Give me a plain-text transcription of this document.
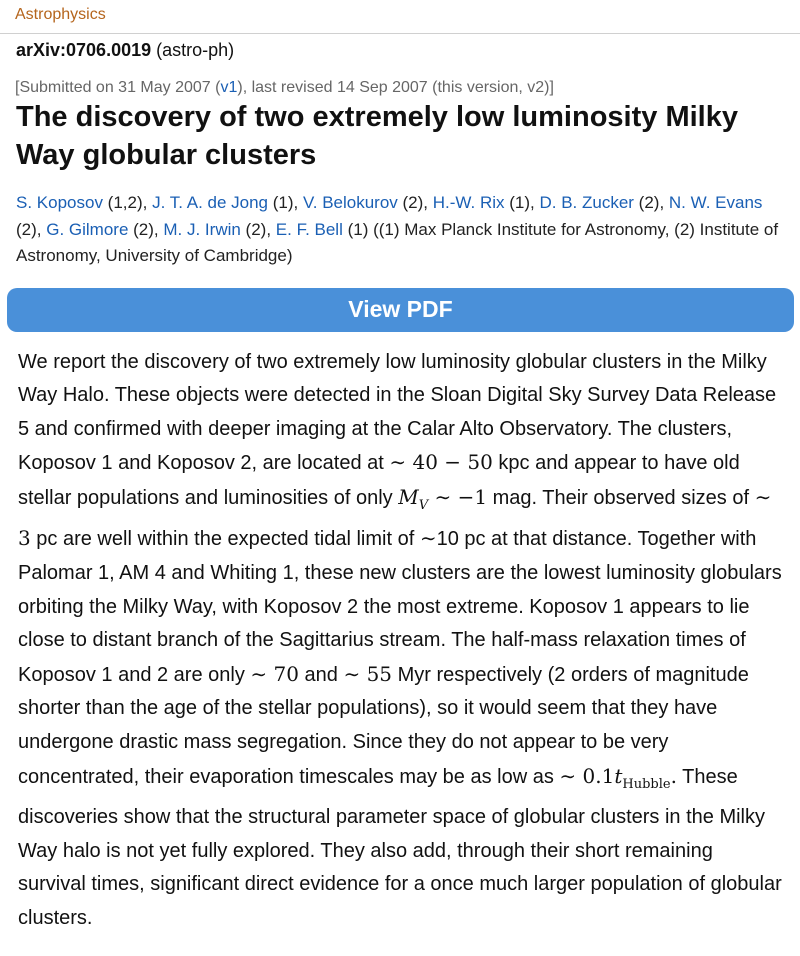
Astrophysics
arXiv:0706.0019 (astro-ph)
[Submitted on 31 May 2007 (v1), last revised 14 Sep 2007 (this version, v2)]
The discovery of two extremely low luminosity Milky Way globular clusters
S. Koposov (1,2), J. T. A. de Jong (1), V. Belokurov (2), H.-W. Rix (1), D. B. Zucker (2), N. W. Evans (2), G. Gilmore (2), M. J. Irwin (2), E. F. Bell (1) ((1) Max Planck Institute for Astronomy, (2) Institute of Astronomy, University of Cambridge)
View PDF
We report the discovery of two extremely low luminosity globular clusters in the Milky Way Halo. These objects were detected in the Sloan Digital Sky Survey Data Release 5 and confirmed with deeper imaging at the Calar Alto Observatory. The clusters, Koposov 1 and Koposov 2, are located at ∼ 40 − 50 kpc and appear to have old stellar populations and luminosities of only $M_V$ ∼ −1 mag. Their observed sizes of ∼ 3 pc are well within the expected tidal limit of ∼10 pc at that distance. Together with Palomar 1, AM 4 and Whiting 1, these new clusters are the lowest luminosity globulars orbiting the Milky Way, with Koposov 2 the most extreme. Koposov 1 appears to lie close to distant branch of the Sagittarius stream. The half-mass relaxation times of Koposov 1 and 2 are only ∼ 70 and ∼ 55 Myr respectively (2 orders of magnitude shorter than the age of the stellar populations), so it would seem that they have undergone drastic mass segregation. Since they do not appear to be very concentrated, their evaporation timescales may be as low as ∼ $0.1t_{Hubble}$. These discoveries show that the structural parameter space of globular clusters in the Milky Way halo is not yet fully explored. They also add, through their short remaining survival times, significant direct evidence for a once much larger population of globular clusters.
